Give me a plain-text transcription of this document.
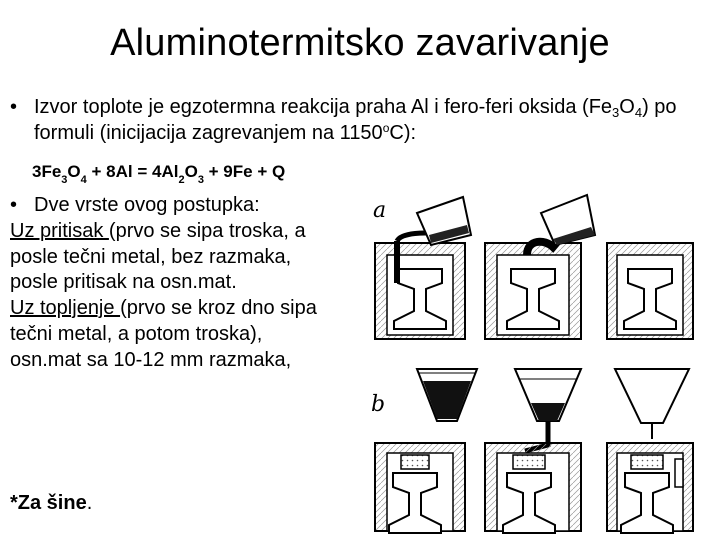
Aluminotermitsko zavarivanje
• Izvor toplote je egzotermna reakcija praha Al i fero-feri oksida $(Fe_3O_4)$ po formuli (inicijacija zagrevanjem na 1150$^o$C):
$3Fe_3O_4 + 8Al = 4Al_2O_3 + 9Fe + Q$
• Dve vrste ovog postupka:
Uz pritisak (prvo se sipa troska, a posle tečni metal, bez razmaka, posle pritisak na osn.mat.
Uz topljenje (prvo se kroz dno sipa tečni metal, a potom troska), osn.mat sa 10-12 mm razmaka,
*Za šine.
a
b
